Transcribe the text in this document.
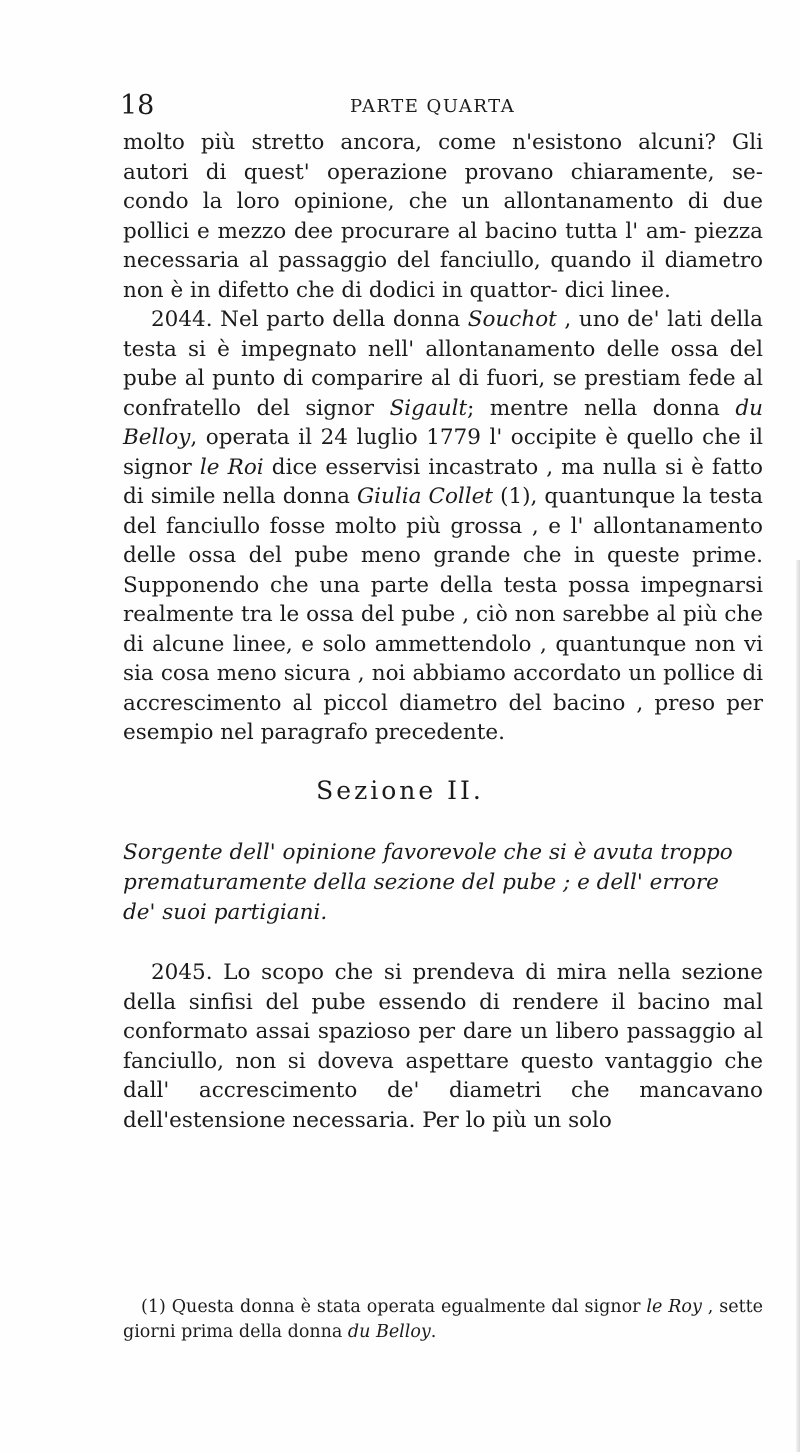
18	PARTE QUARTA

molto più stretto ancora, come n'esistono alcuni? Gli autori di quest' operazione provano chiaramente, se- condo la loro opinione, che un allontanamento di due pollici e mezzo dee procurare al bacino tutta l' am- piezza necessaria al passaggio del fanciullo, quando il diametro non è in difetto che di dodici in quattor- dici linee.

2044. Nel parto della donna Souchot , uno de' lati della testa si è impegnato nell' allontanamento delle ossa del pube al punto di comparire al di fuori, se prestiam fede al confratello del signor Sigault; mentre nella donna du Belloy, operata il 24 luglio 1779 l' occipite è quello che il signor le Roi dice esservisi incastrato , ma nulla si è fatto di simile nella donna Giulia Collet (1), quantunque la testa del fanciullo fosse molto più grossa , e l' allontanamento delle ossa del pube meno grande che in queste prime. Supponendo che una parte della testa possa impegnarsi realmente tra le ossa del pube , ciò non sarebbe al più che di alcune linee, e solo ammettendolo , quantunque non vi sia cosa meno sicura , noi abbiamo accordato un pollice di accrescimento al piccol diametro del bacino , preso per esempio nel paragrafo precedente.

Sezione II.
Sorgente dell' opinione favorevole che si è avuta troppo prematuramente della sezione del pube ; e dell' errore de' suoi partigiani.

2045. Lo scopo che si prendeva di mira nella sezione della sinfisi del pube essendo di rendere il bacino mal conformato assai spazioso per dare un libero passaggio al fanciullo, non si doveva aspettare questo vantaggio che dall' accrescimento de' diametri che mancavano dell'estensione necessaria. Per lo più un solo

(1) Questa donna è stata operata egualmente dal signor le Roy , sette giorni prima della donna du Belloy.
